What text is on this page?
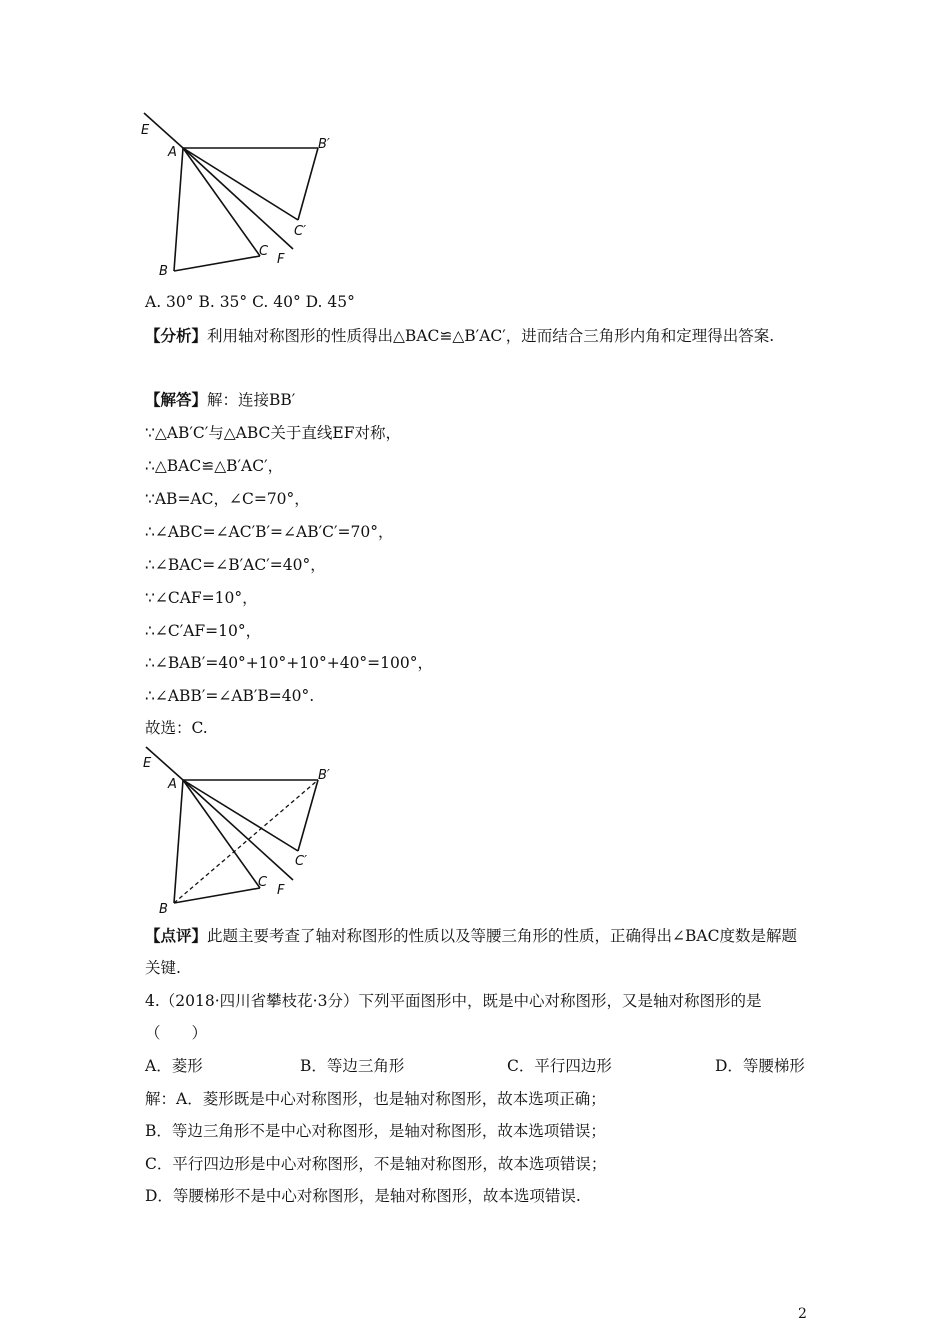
E
A
B′
C′
C
F
B
A. 30° B. 35° C. 40° D. 45°
【分析】利用轴对称图形的性质得出△BAC≌△B′AC′，进而结合三角形内角和定理得出答案.
【解答】解：连接BB′
∵△AB′C′与△ABC关于直线EF对称，
∴△BAC≌△B′AC′，
∵AB=AC，∠C=70°，
∴∠ABC=∠AC′B′=∠AB′C′=70°，
∴∠BAC=∠B′AC′=40°，
∵∠CAF=10°，
∴∠C′AF=10°，
∴∠BAB′=40°+10°+10°+40°=100°，
∴∠ABB′=∠AB′B=40°.
故选：C.
E
A
B′
C′
C
F
B
【点评】此题主要考查了轴对称图形的性质以及等腰三角形的性质，正确得出∠BAC度数是解题关键.
4.（2018·四川省攀枝花·3分）下列平面图形中，既是中心对称图形，又是轴对称图形的是（　　）
A．菱形	B．等边三角形	C．平行四边形	D．等腰梯形
解：A．菱形既是中心对称图形，也是轴对称图形，故本选项正确；
B．等边三角形不是中心对称图形，是轴对称图形，故本选项错误；
C．平行四边形是中心对称图形，不是轴对称图形，故本选项错误；
D．等腰梯形不是中心对称图形，是轴对称图形，故本选项错误.
2
